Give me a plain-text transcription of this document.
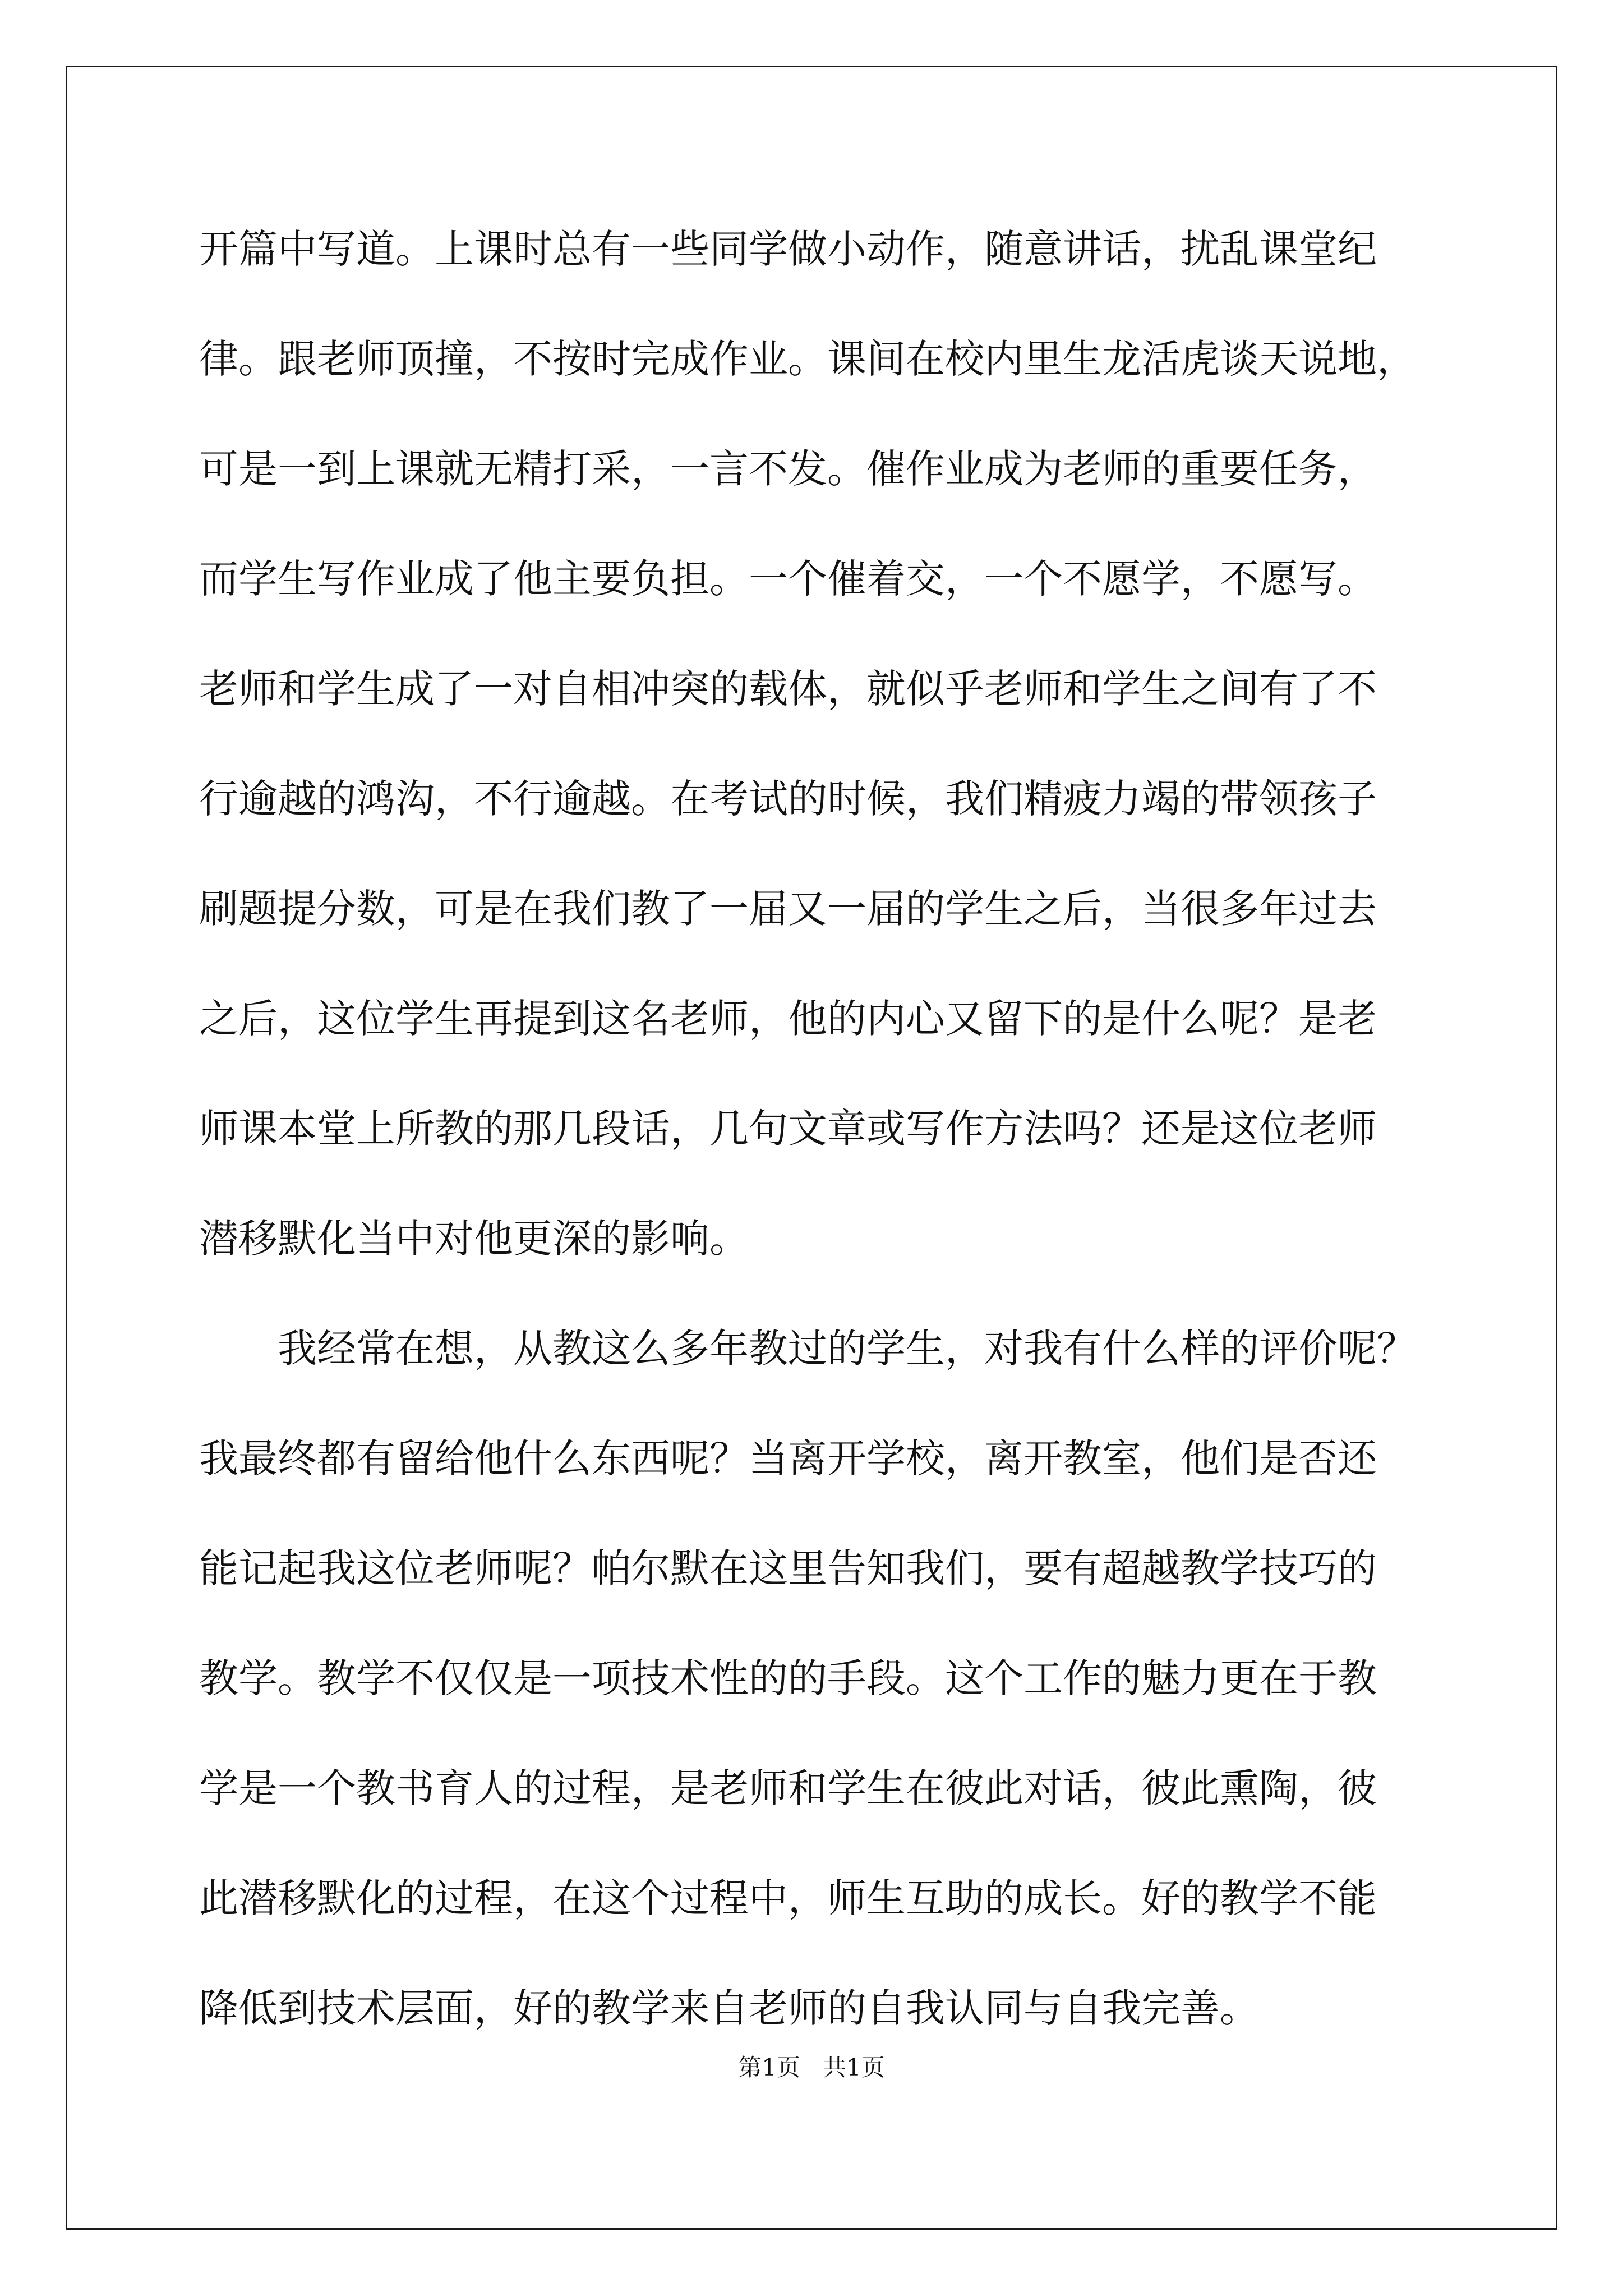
开篇中写道。上课时总有一些同学做小动作，随意讲话，扰乱课堂纪
律。跟老师顶撞，不按时完成作业。课间在校内里生龙活虎谈天说地，
可是一到上课就无精打采，一言不发。催作业成为老师的重要任务，
而学生写作业成了他主要负担。一个催着交，一个不愿学，不愿写。
老师和学生成了一对自相冲突的载体，就似乎老师和学生之间有了不
行逾越的鸿沟，不行逾越。在考试的时候，我们精疲力竭的带领孩子
刷题提分数，可是在我们教了一届又一届的学生之后，当很多年过去
之后，这位学生再提到这名老师，他的内心又留下的是什么呢？是老
师课本堂上所教的那几段话，几句文章或写作方法吗？还是这位老师
潜移默化当中对他更深的影响。
我经常在想，从教这么多年教过的学生，对我有什么样的评价呢？
我最终都有留给他什么东西呢？当离开学校，离开教室，他们是否还
能记起我这位老师呢？帕尔默在这里告知我们，要有超越教学技巧的
教学。教学不仅仅是一项技术性的的手段。这个工作的魅力更在于教
学是一个教书育人的过程，是老师和学生在彼此对话，彼此熏陶，彼
此潜移默化的过程，在这个过程中，师生互助的成长。好的教学不能
降低到技术层面，好的教学来自老师的自我认同与自我完善。
第1页   共1页
